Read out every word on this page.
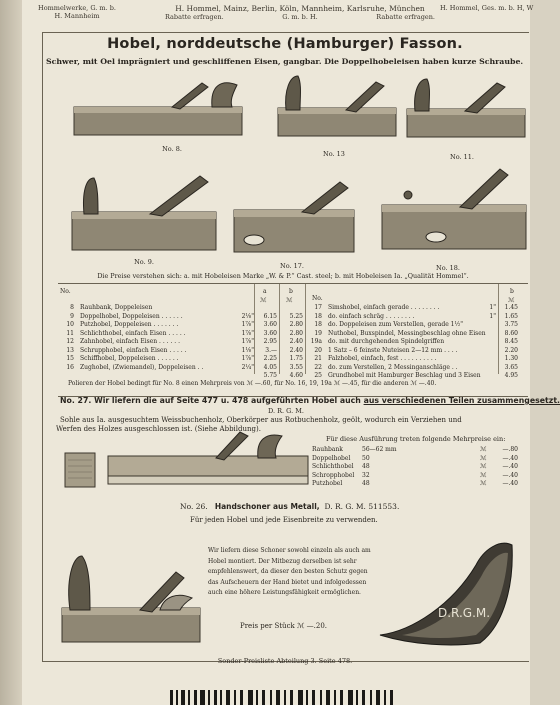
Hommelwerke, G. m. b. H. Mannheim
H. Hommel, Mainz, Berlin, Köln, Mannheim, Karlsruhe, München
Rabatte erfragen.	G. m. b. H.	Rabatte erfragen.
H. Hommel, Ges. m. b. H, W
Hobel, norddeutsche (Hamburger) Fasson.
Schwer, mit Oel imprägniert und geschliffenen Eisen, gangbar. Die Doppelhobeleisen haben kurze Schraube.
No. 8.
No. 13	No. 11.
No. 9.	No. 17.	No. 18.
Die Preise verstehen sich: a. mit Hobeleisen Marke „W. & P.“ Cast. steel; b. mit Hobeleisen Ia. „Qualität Hommel“.
No.	a	b
ℳ	ℳ	No.
b
ℳ
8 Rauhbank, Doppeleisen
9 Doppelhobel, Doppeleisen . . . . . .	2⅛"	6.15	5.25
10 Putzhobel, Doppeleisen . . . . . . .	1⅞"	3.60	2.80
11 Schlichthobel, einfach Eisen . . . . .	1⅞"	3.60	2.80
12 Zahnhobel, einfach Eisen . . . . . .	1⅞"	2.95	2.40
13 Schrupphobel, einfach Eisen . . . . .	1⅛"	3.—	2.40
15 Schiffhobel, Doppeleisen . . . . . .	1⅞"	2.25	1.75
16 Zughobel, (Zwiemandel), Doppeleisen . .	2¼"	4.05	3.55
5.75	4.60
17 Simshobel, einfach gerade . . . . . . . .	1"	1.45
18 do. einfach schräg . . . . . . . .	1"	1.65
18 do. Doppeleisen zum Verstellen, gerade 1½"	3.75
19 Nuthobel, Buxspindel, Messingbeschlag ohne Eisen	8.60
19a do. mit durchgehenden Spindelgriffen	8.45
20 1 Satz – 6 feinste Nuteisen 2—12 mm . . . .	2.20
21 Falzhobel, einfach, fest . . . . . . . . . .	1.30
22 do. zum Verstellen, 2 Messinganschläge . .	3.65
25 Grundhobel mit Hamburger Beschlag und 3 Eisen	4.95
Polieren der Hobel bedingt für No. 8 einen Mehrpreis von ℳ —.60, für No. 16, 19, 19a ℳ —.45, für die anderen ℳ —.40.
No. 27. Wir liefern die auf Seite 477 u. 478 aufgeführten Hobel auch aus verschiedenen Teilen zusammengesetzt.
D. R. G. M.
Sohle aus Ia. ausgesuchtem Weissbuchenholz, Oberkörper aus Rotbuchenholz, geölt, wodurch ein Verziehen und
Werfen des Holzes ausgeschlossen ist. (Siehe Abbildung).
Für diese Ausführung treten folgende Mehrpreise ein:
Rauhbank	56—62 mm	ℳ	—.80
Doppelhobel 50	ℳ	—.40
Schlichthobel 48	ℳ	—.40
Schropphobel 32	ℳ	—.40
Putzhobel	48	ℳ	—.40
No. 26. Handschoner aus Metall, D. R. G. M. 511553.
Für jeden Hobel und jede Eisenbreite zu verwenden.
Wir liefern diese Schoner sowohl einzeln als auch am Hobel montiert. Der Mitbezug derselben ist sehr empfehlenswert, da dieser den besten Schutz gegen das Aufscheuern der Hand bietet und infolgedessen auch eine höhere Leistungsfähigkeit ermöglichen.
Preis per Stück ℳ —.20.
D.R.G.M.
Sonder-Preisliste Abteilung 3. Seite 478.
